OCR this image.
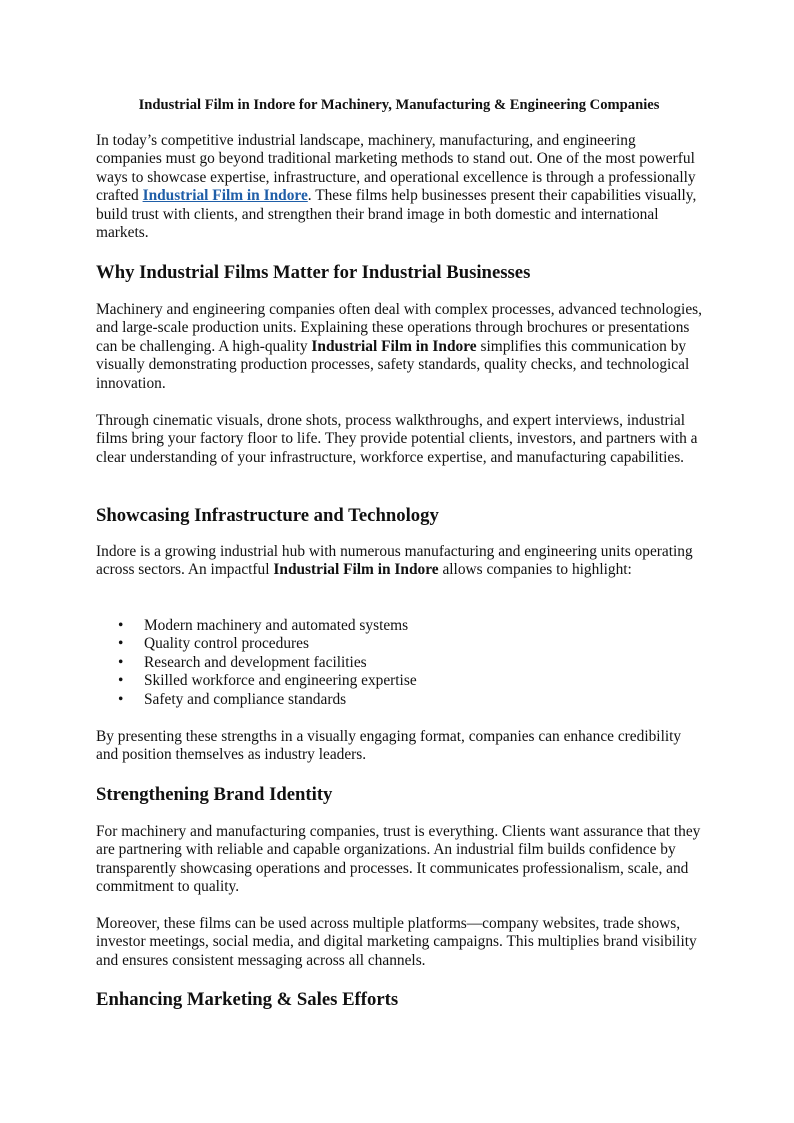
Industrial Film in Indore for Machinery, Manufacturing & Engineering Companies

In today’s competitive industrial landscape, machinery, manufacturing, and engineering companies must go beyond traditional marketing methods to stand out. One of the most powerful ways to showcase expertise, infrastructure, and operational excellence is through a professionally crafted Industrial Film in Indore. These films help businesses present their capabilities visually, build trust with clients, and strengthen their brand image in both domestic and international markets.

Why Industrial Films Matter for Industrial Businesses

Machinery and engineering companies often deal with complex processes, advanced technologies, and large-scale production units. Explaining these operations through brochures or presentations can be challenging. A high-quality Industrial Film in Indore simplifies this communication by visually demonstrating production processes, safety standards, quality checks, and technological innovation.

Through cinematic visuals, drone shots, process walkthroughs, and expert interviews, industrial films bring your factory floor to life. They provide potential clients, investors, and partners with a clear understanding of your infrastructure, workforce expertise, and manufacturing capabilities.

Showcasing Infrastructure and Technology

Indore is a growing industrial hub with numerous manufacturing and engineering units operating across sectors. An impactful Industrial Film in Indore allows companies to highlight:

• Modern machinery and automated systems
• Quality control procedures
• Research and development facilities
• Skilled workforce and engineering expertise
• Safety and compliance standards

By presenting these strengths in a visually engaging format, companies can enhance credibility and position themselves as industry leaders.

Strengthening Brand Identity

For machinery and manufacturing companies, trust is everything. Clients want assurance that they are partnering with reliable and capable organizations. An industrial film builds confidence by transparently showcasing operations and processes. It communicates professionalism, scale, and commitment to quality.

Moreover, these films can be used across multiple platforms—company websites, trade shows, investor meetings, social media, and digital marketing campaigns. This multiplies brand visibility and ensures consistent messaging across all channels.

Enhancing Marketing & Sales Efforts
